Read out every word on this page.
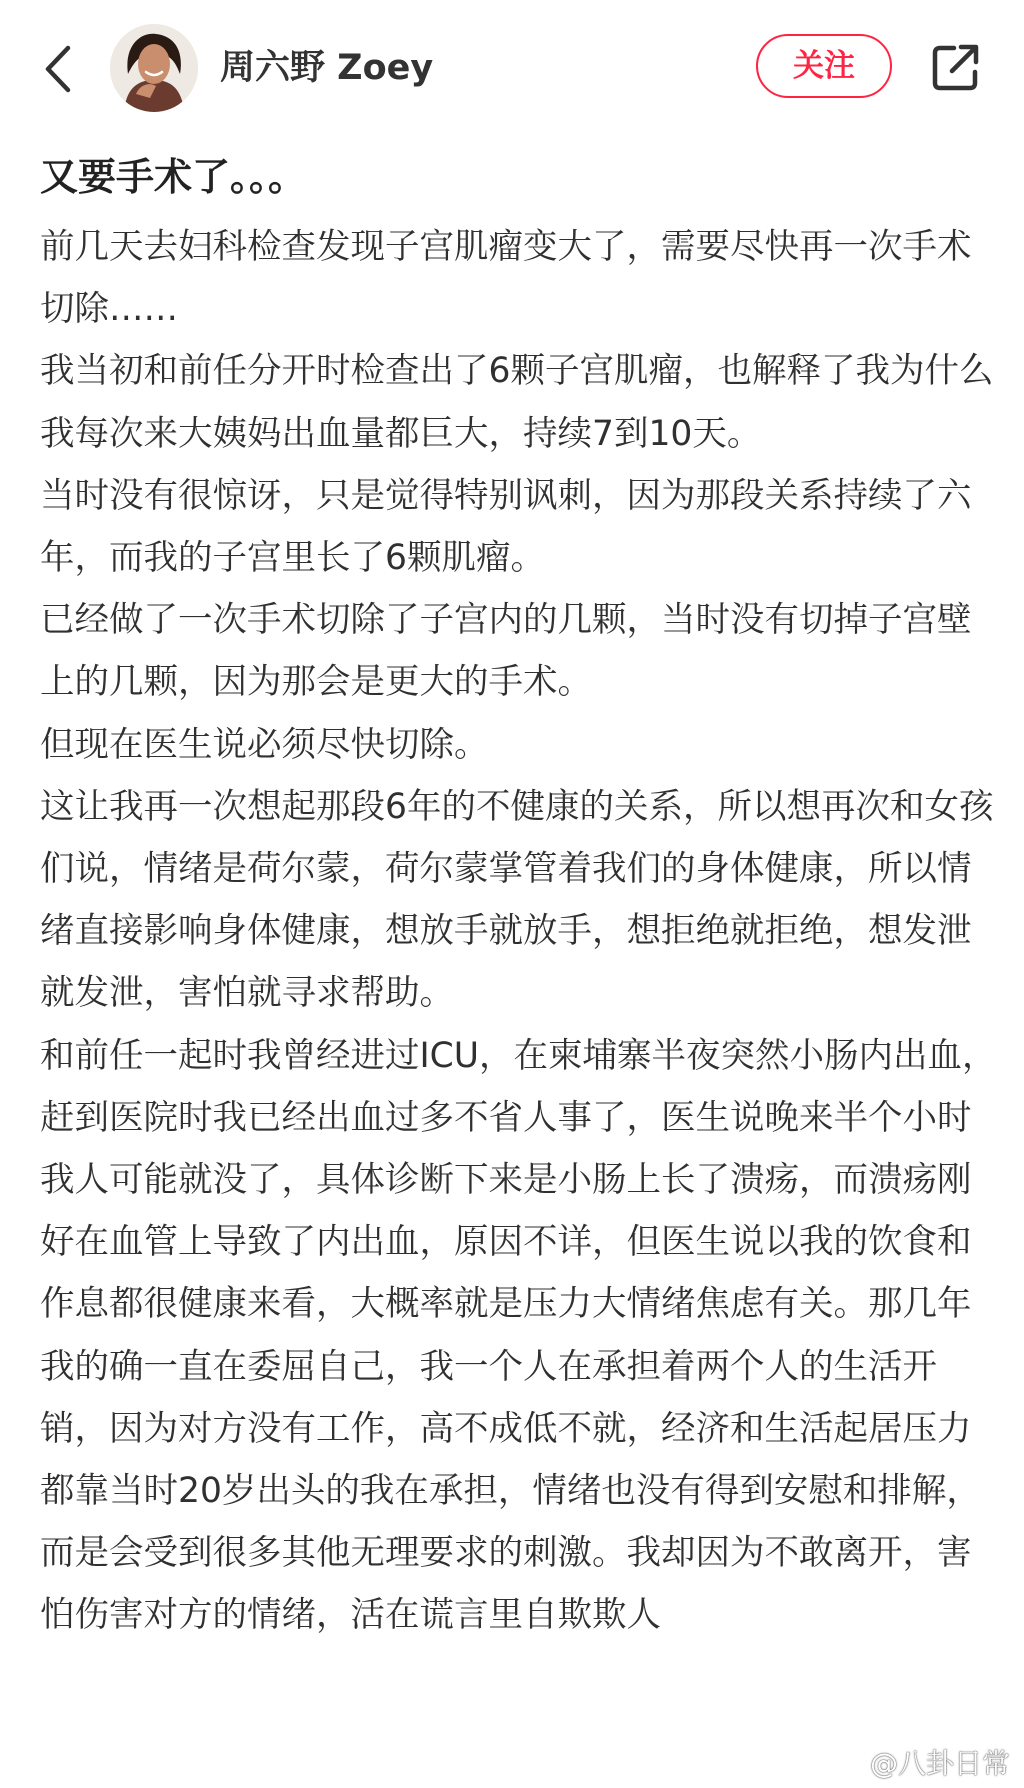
周六野 Zoey	关注
又要手术了。。。

前几天去妇科检查发现子宫肌瘤变大了，需要尽快再一次手术切除……

我当初和前任分开时检查出了6颗子宫肌瘤，也解释了我为什么我每次来大姨妈出血量都巨大，持续7到10天。

当时没有很惊讶，只是觉得特别讽刺，因为那段关系持续了六年，而我的子宫里长了6颗肌瘤。

已经做了一次手术切除了子宫内的几颗，当时没有切掉子宫壁上的几颗，因为那会是更大的手术。

但现在医生说必须尽快切除。

这让我再一次想起那段6年的不健康的关系，所以想再次和女孩们说，情绪是荷尔蒙，荷尔蒙掌管着我们的身体健康，所以情绪直接影响身体健康，想放手就放手，想拒绝就拒绝，想发泄就发泄，害怕就寻求帮助。

和前任一起时我曾经进过ICU，在柬埔寨半夜突然小肠内出血，赶到医院时我已经出血过多不省人事了，医生说晚来半个小时我人可能就没了，具体诊断下来是小肠上长了溃疡，而溃疡刚好在血管上导致了内出血，原因不详，但医生说以我的饮食和作息都很健康来看，大概率就是压力大情绪焦虑有关。那几年我的确一直在委屈自己，我一个人在承担着两个人的生活开销，因为对方没有工作，高不成低不就，经济和生活起居压力都靠当时20岁出头的我在承担，情绪也没有得到安慰和排解，而是会受到很多其他无理要求的刺激。我却因为不敢离开，害怕伤害对方的情绪，活在谎言里自欺欺人

@八卦日常
